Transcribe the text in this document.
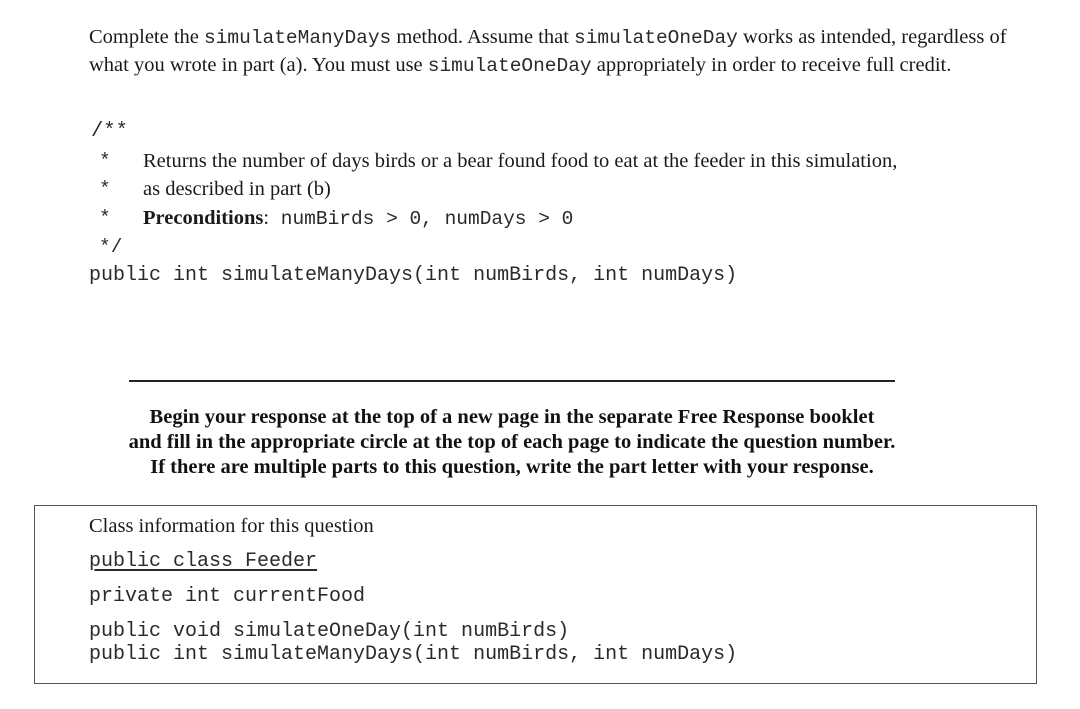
Complete the simulateManyDays method. Assume that simulateOneDay works as intended, regardless of what you wrote in part (a). You must use simulateOneDay appropriately in order to receive full credit.
/**
* Returns the number of days birds or a bear found food to eat at the feeder in this simulation,
* as described in part (b)
* Preconditions: numBirds > 0, numDays > 0
*/
public int simulateManyDays(int numBirds, int numDays)
Begin your response at the top of a new page in the separate Free Response booklet
and fill in the appropriate circle at the top of each page to indicate the question number.
If there are multiple parts to this question, write the part letter with your response.
Class information for this question
public class Feeder
private int currentFood
public void simulateOneDay(int numBirds)
public int simulateManyDays(int numBirds, int numDays)
